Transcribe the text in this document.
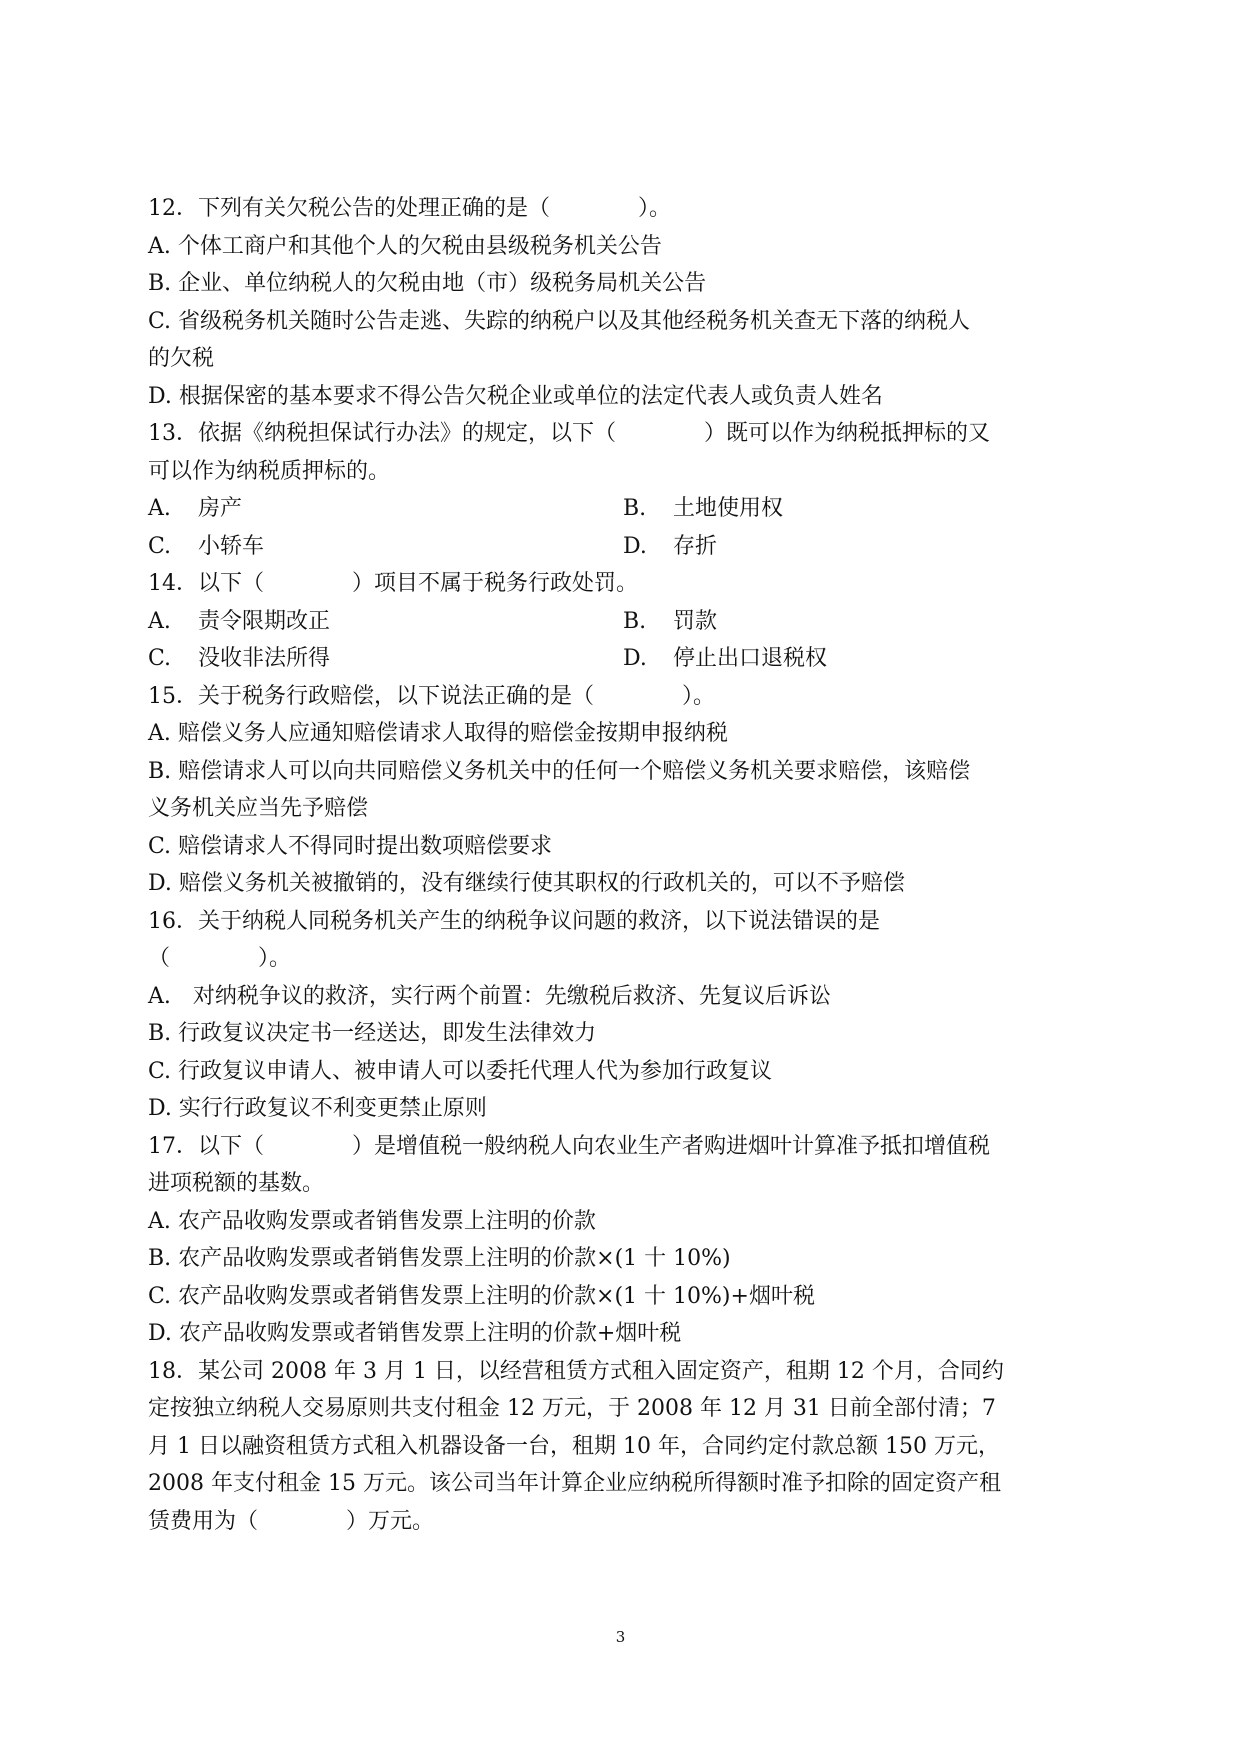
12．下列有关欠税公告的处理正确的是（　　　　）。
A. 个体工商户和其他个人的欠税由县级税务机关公告
B. 企业、单位纳税人的欠税由地（市）级税务局机关公告
C. 省级税务机关随时公告走逃、失踪的纳税户以及其他经税务机关查无下落的纳税人
的欠税
D. 根据保密的基本要求不得公告欠税企业或单位的法定代表人或负责人姓名
13．依据《纳税担保试行办法》的规定，以下（　　　　）既可以作为纳税抵押标的又
可以作为纳税质押标的。
A. 房产	B. 土地使用权
C. 小轿车	D. 存折
14．以下（　　　　）项目不属于税务行政处罚。
A. 责令限期改正	B. 罚款
C. 没收非法所得	D. 停止出口退税权
15．关于税务行政赔偿，以下说法正确的是（　　　　）。
A. 赔偿义务人应通知赔偿请求人取得的赔偿金按期申报纳税
B. 赔偿请求人可以向共同赔偿义务机关中的任何一个赔偿义务机关要求赔偿，该赔偿
义务机关应当先予赔偿
C. 赔偿请求人不得同时提出数项赔偿要求
D. 赔偿义务机关被撤销的，没有继续行使其职权的行政机关的，可以不予赔偿
16．关于纳税人同税务机关产生的纳税争议问题的救济，以下说法错误的是
（　　　　）。
A.　对纳税争议的救济，实行两个前置：先缴税后救济、先复议后诉讼
B. 行政复议决定书一经送达，即发生法律效力
C. 行政复议申请人、被申请人可以委托代理人代为参加行政复议
D. 实行行政复议不利变更禁止原则
17．以下（　　　　）是增值税一般纳税人向农业生产者购进烟叶计算准予抵扣增值税
进项税额的基数。
A. 农产品收购发票或者销售发票上注明的价款
B. 农产品收购发票或者销售发票上注明的价款×(1 十 10%)
C. 农产品收购发票或者销售发票上注明的价款×(1 十 10%)+烟叶税
D. 农产品收购发票或者销售发票上注明的价款+烟叶税
18．某公司 2008 年 3 月 1 日，以经营租赁方式租入固定资产，租期 12 个月，合同约
定按独立纳税人交易原则共支付租金 12 万元，于 2008 年 12 月 31 日前全部付清；7
月 1 日以融资租赁方式租入机器设备一台，租期 10 年，合同约定付款总额 150 万元，
2008 年支付租金 15 万元。该公司当年计算企业应纳税所得额时准予扣除的固定资产租
赁费用为（　　　　）万元。
3
